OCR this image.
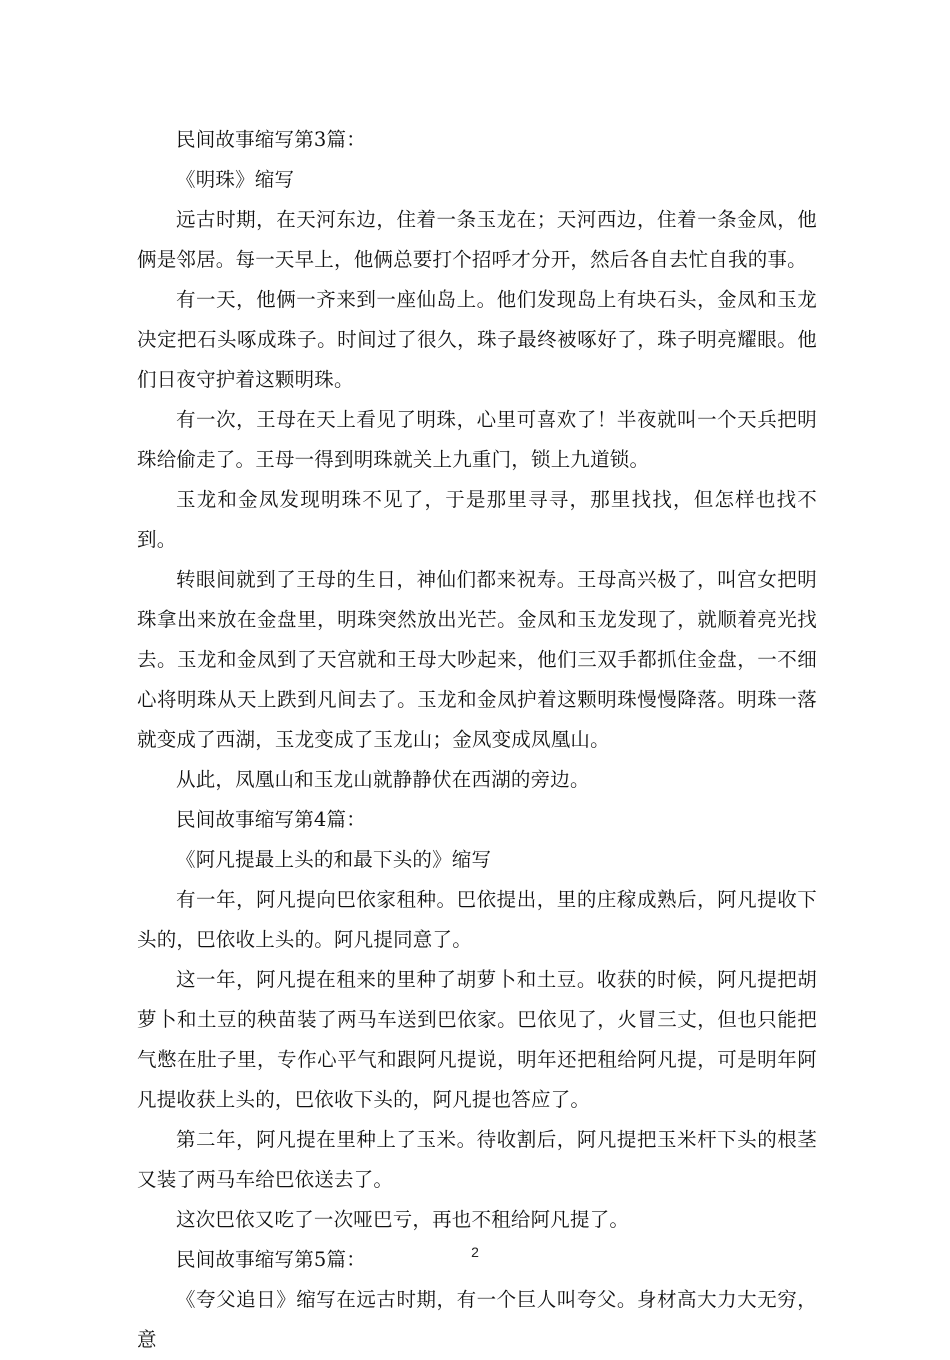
民间故事缩写第3篇：

《明珠》缩写

远古时期，在天河东边，住着一条玉龙在；天河西边，住着一条金凤，他俩是邻居。每一天早上，他俩总要打个招呼才分开，然后各自去忙自我的事。

有一天，他俩一齐来到一座仙岛上。他们发现岛上有块石头，金凤和玉龙决定把石头啄成珠子。时间过了很久，珠子最终被啄好了，珠子明亮耀眼。他们日夜守护着这颗明珠。

有一次，王母在天上看见了明珠，心里可喜欢了！半夜就叫一个天兵把明珠给偷走了。王母一得到明珠就关上九重门，锁上九道锁。

玉龙和金凤发现明珠不见了，于是那里寻寻，那里找找，但怎样也找不到。

转眼间就到了王母的生日，神仙们都来祝寿。王母高兴极了，叫宫女把明珠拿出来放在金盘里，明珠突然放出光芒。金凤和玉龙发现了，就顺着亮光找去。玉龙和金凤到了天宫就和王母大吵起来，他们三双手都抓住金盘，一不细心将明珠从天上跌到凡间去了。玉龙和金凤护着这颗明珠慢慢降落。明珠一落就变成了西湖，玉龙变成了玉龙山；金凤变成凤凰山。

从此，凤凰山和玉龙山就静静伏在西湖的旁边。

民间故事缩写第4篇：

《阿凡提最上头的和最下头的》缩写

有一年，阿凡提向巴依家租种。巴依提出，里的庄稼成熟后，阿凡提收下头的，巴依收上头的。阿凡提同意了。

这一年，阿凡提在租来的里种了胡萝卜和土豆。收获的时候，阿凡提把胡萝卜和土豆的秧苗装了两马车送到巴依家。巴依见了，火冒三丈，但也只能把气憋在肚子里，专作心平气和跟阿凡提说，明年还把租给阿凡提，可是明年阿凡提收获上头的，巴依收下头的，阿凡提也答应了。

第二年，阿凡提在里种上了玉米。待收割后，阿凡提把玉米杆下头的根茎又装了两马车给巴依送去了。

这次巴依又吃了一次哑巴亏，再也不租给阿凡提了。

民间故事缩写第5篇：

《夸父追日》缩写在远古时期，有一个巨人叫夸父。身材高大力大无穷，意

2
